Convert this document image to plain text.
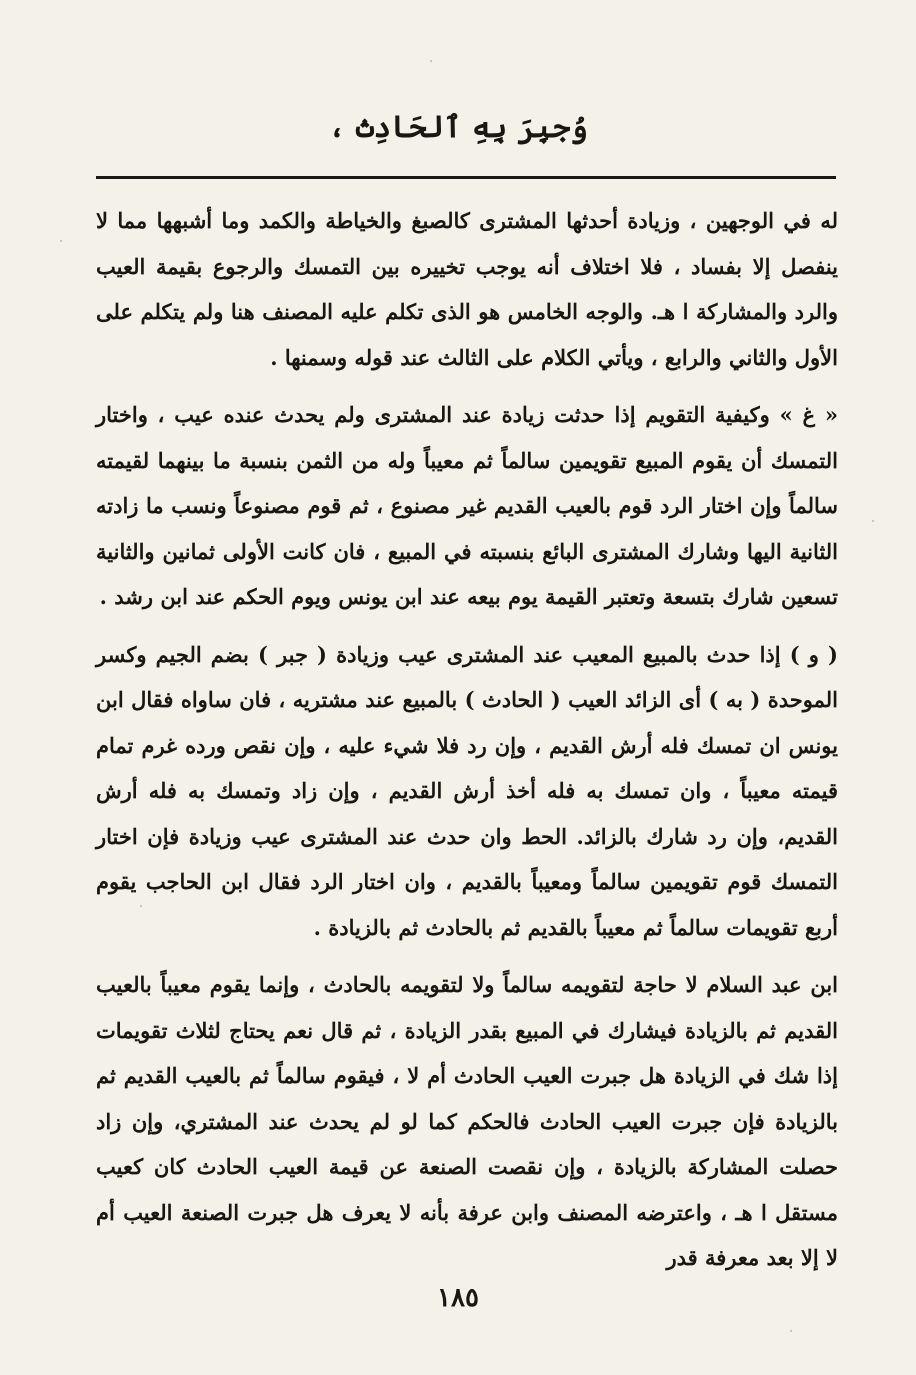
وُجبِرَ بِهِ ٱلحَادِث ،

له في الوجهين ، وزيادة أحدثها المشترى كالصبغ والخياطة والكمد وما أشبهها مما لا ينفصل إلا بفساد ، فلا اختلاف أنه يوجب تخييره بين التمسك والرجوع بقيمة العيب والرد والمشاركة ا هـ. والوجه الخامس هو الذى تكلم عليه المصنف هنا ولم يتكلم على الأول والثاني والرابع ، ويأتي الكلام على الثالث عند قوله وسمنها .

« غ » وكيفية التقويم إذا حدثت زيادة عند المشترى ولم يحدث عنده عيب ، واختار التمسك أن يقوم المبيع تقويمين سالماً ثم معيباً وله من الثمن بنسبة ما بينهما لقيمته سالماً وإن اختار الرد قوم بالعيب القديم غير مصنوع ، ثم قوم مصنوعاً ونسب ما زادته الثانية اليها وشارك المشترى البائع بنسبته في المبيع ، فان كانت الأولى ثمانين والثانية تسعين شارك بتسعة وتعتبر القيمة يوم بيعه عند ابن يونس ويوم الحكم عند ابن رشد .

( و ) إذا حدث بالمبيع المعيب عند المشترى عيب وزيادة ( جبر ) بضم الجيم وكسر الموحدة ( به ) أى الزائد العيب ( الحادث ) بالمبيع عند مشتريه ، فان ساواه فقال ابن يونس ان تمسك فله أرش القديم ، وإن رد فلا شيء عليه ، وإن نقص ورده غرم تمام قيمته معيباً ، وان تمسك به فله أخذ أرش القديم ، وإن زاد وتمسك به فله أرش القديم، وإن رد شارك بالزائد. الحط وان حدث عند المشترى عيب وزيادة فإن اختار التمسك قوم تقويمين سالماً ومعيباً بالقديم ، وان اختار الرد فقال ابن الحاجب يقوم أربع تقويمات سالماً ثم معيباً بالقديم ثم بالحادث ثم بالزيادة .

ابن عبد السلام لا حاجة لتقويمه سالماً ولا لتقويمه بالحادث ، وإنما يقوم معيباً بالعيب القديم ثم بالزيادة فيشارك في المبيع بقدر الزيادة ، ثم قال نعم يحتاج لثلاث تقويمات إذا شك في الزيادة هل جبرت العيب الحادث أم لا ، فيقوم سالماً ثم بالعيب القديم ثم بالزيادة فإن جبرت العيب الحادث فالحكم كما لو لم يحدث عند المشتري، وإن زاد حصلت المشاركة بالزيادة ، وإن نقصت الصنعة عن قيمة العيب الحادث كان كعيب مستقل ا هـ ، واعترضه المصنف وابن عرفة بأنه لا يعرف هل جبرت الصنعة العيب أم لا إلا بعد معرفة قدر

١٨٥
